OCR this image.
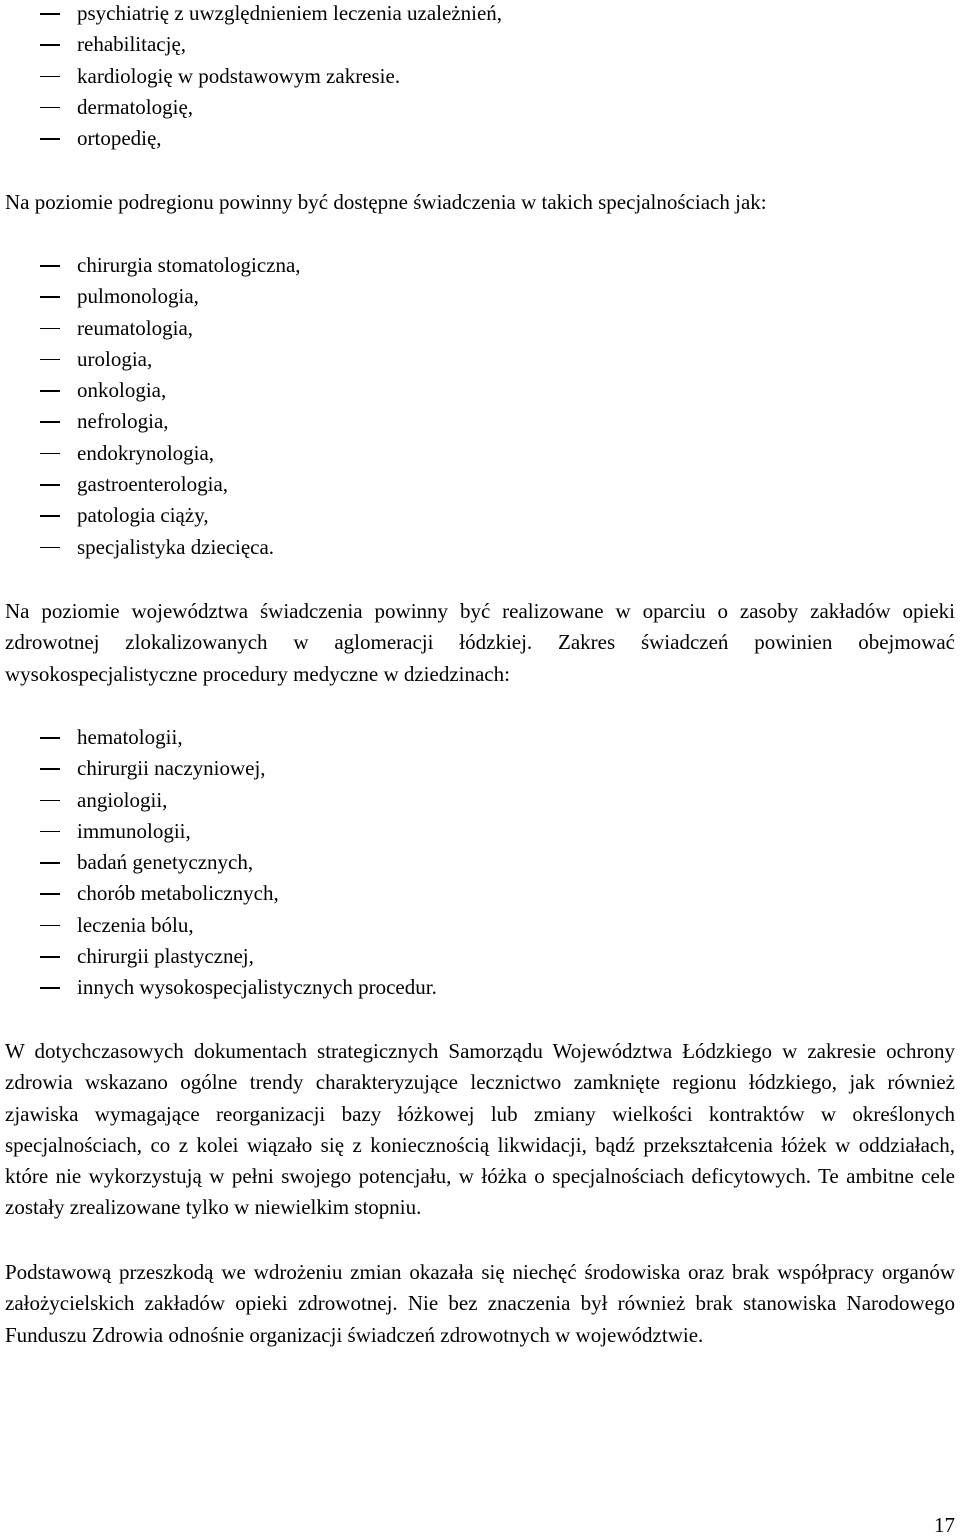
psychiatrię z uwzględnieniem leczenia uzależnień,
rehabilitację,
kardiologię w podstawowym zakresie.
dermatologię,
ortopedię,

Na poziomie podregionu powinny być dostępne świadczenia w takich specjalnościach jak:

chirurgia stomatologiczna,
pulmonologia,
reumatologia,
urologia,
onkologia,
nefrologia,
endokrynologia,
gastroenterologia,
patologia ciąży,
specjalistyka dziecięca.

Na poziomie województwa świadczenia powinny być realizowane w oparciu o zasoby zakładów opieki zdrowotnej zlokalizowanych w aglomeracji łódzkiej. Zakres świadczeń powinien obejmować wysokospecjalistyczne procedury medyczne w dziedzinach:

hematologii,
chirurgii naczyniowej,
angiologii,
immunologii,
badań genetycznych,
chorób metabolicznych,
leczenia bólu,
chirurgii plastycznej,
innych wysokospecjalistycznych procedur.

W dotychczasowych dokumentach strategicznych Samorządu Województwa Łódzkiego w zakresie ochrony zdrowia wskazano ogólne trendy charakteryzujące lecznictwo zamknięte regionu łódzkiego, jak również zjawiska wymagające reorganizacji bazy łóżkowej lub zmiany wielkości kontraktów w określonych specjalnościach, co z kolei wiązało się z koniecznością likwidacji, bądź przekształcenia łóżek w oddziałach, które nie wykorzystują w pełni swojego potencjału, w łóżka o specjalnościach deficytowych. Te ambitne cele zostały zrealizowane tylko w niewielkim stopniu.

Podstawową przeszkodą we wdrożeniu zmian okazała się niechęć środowiska oraz brak współpracy organów założycielskich zakładów opieki zdrowotnej. Nie bez znaczenia był również brak stanowiska Narodowego Funduszu Zdrowia odnośnie organizacji świadczeń zdrowotnych w województwie.

17
